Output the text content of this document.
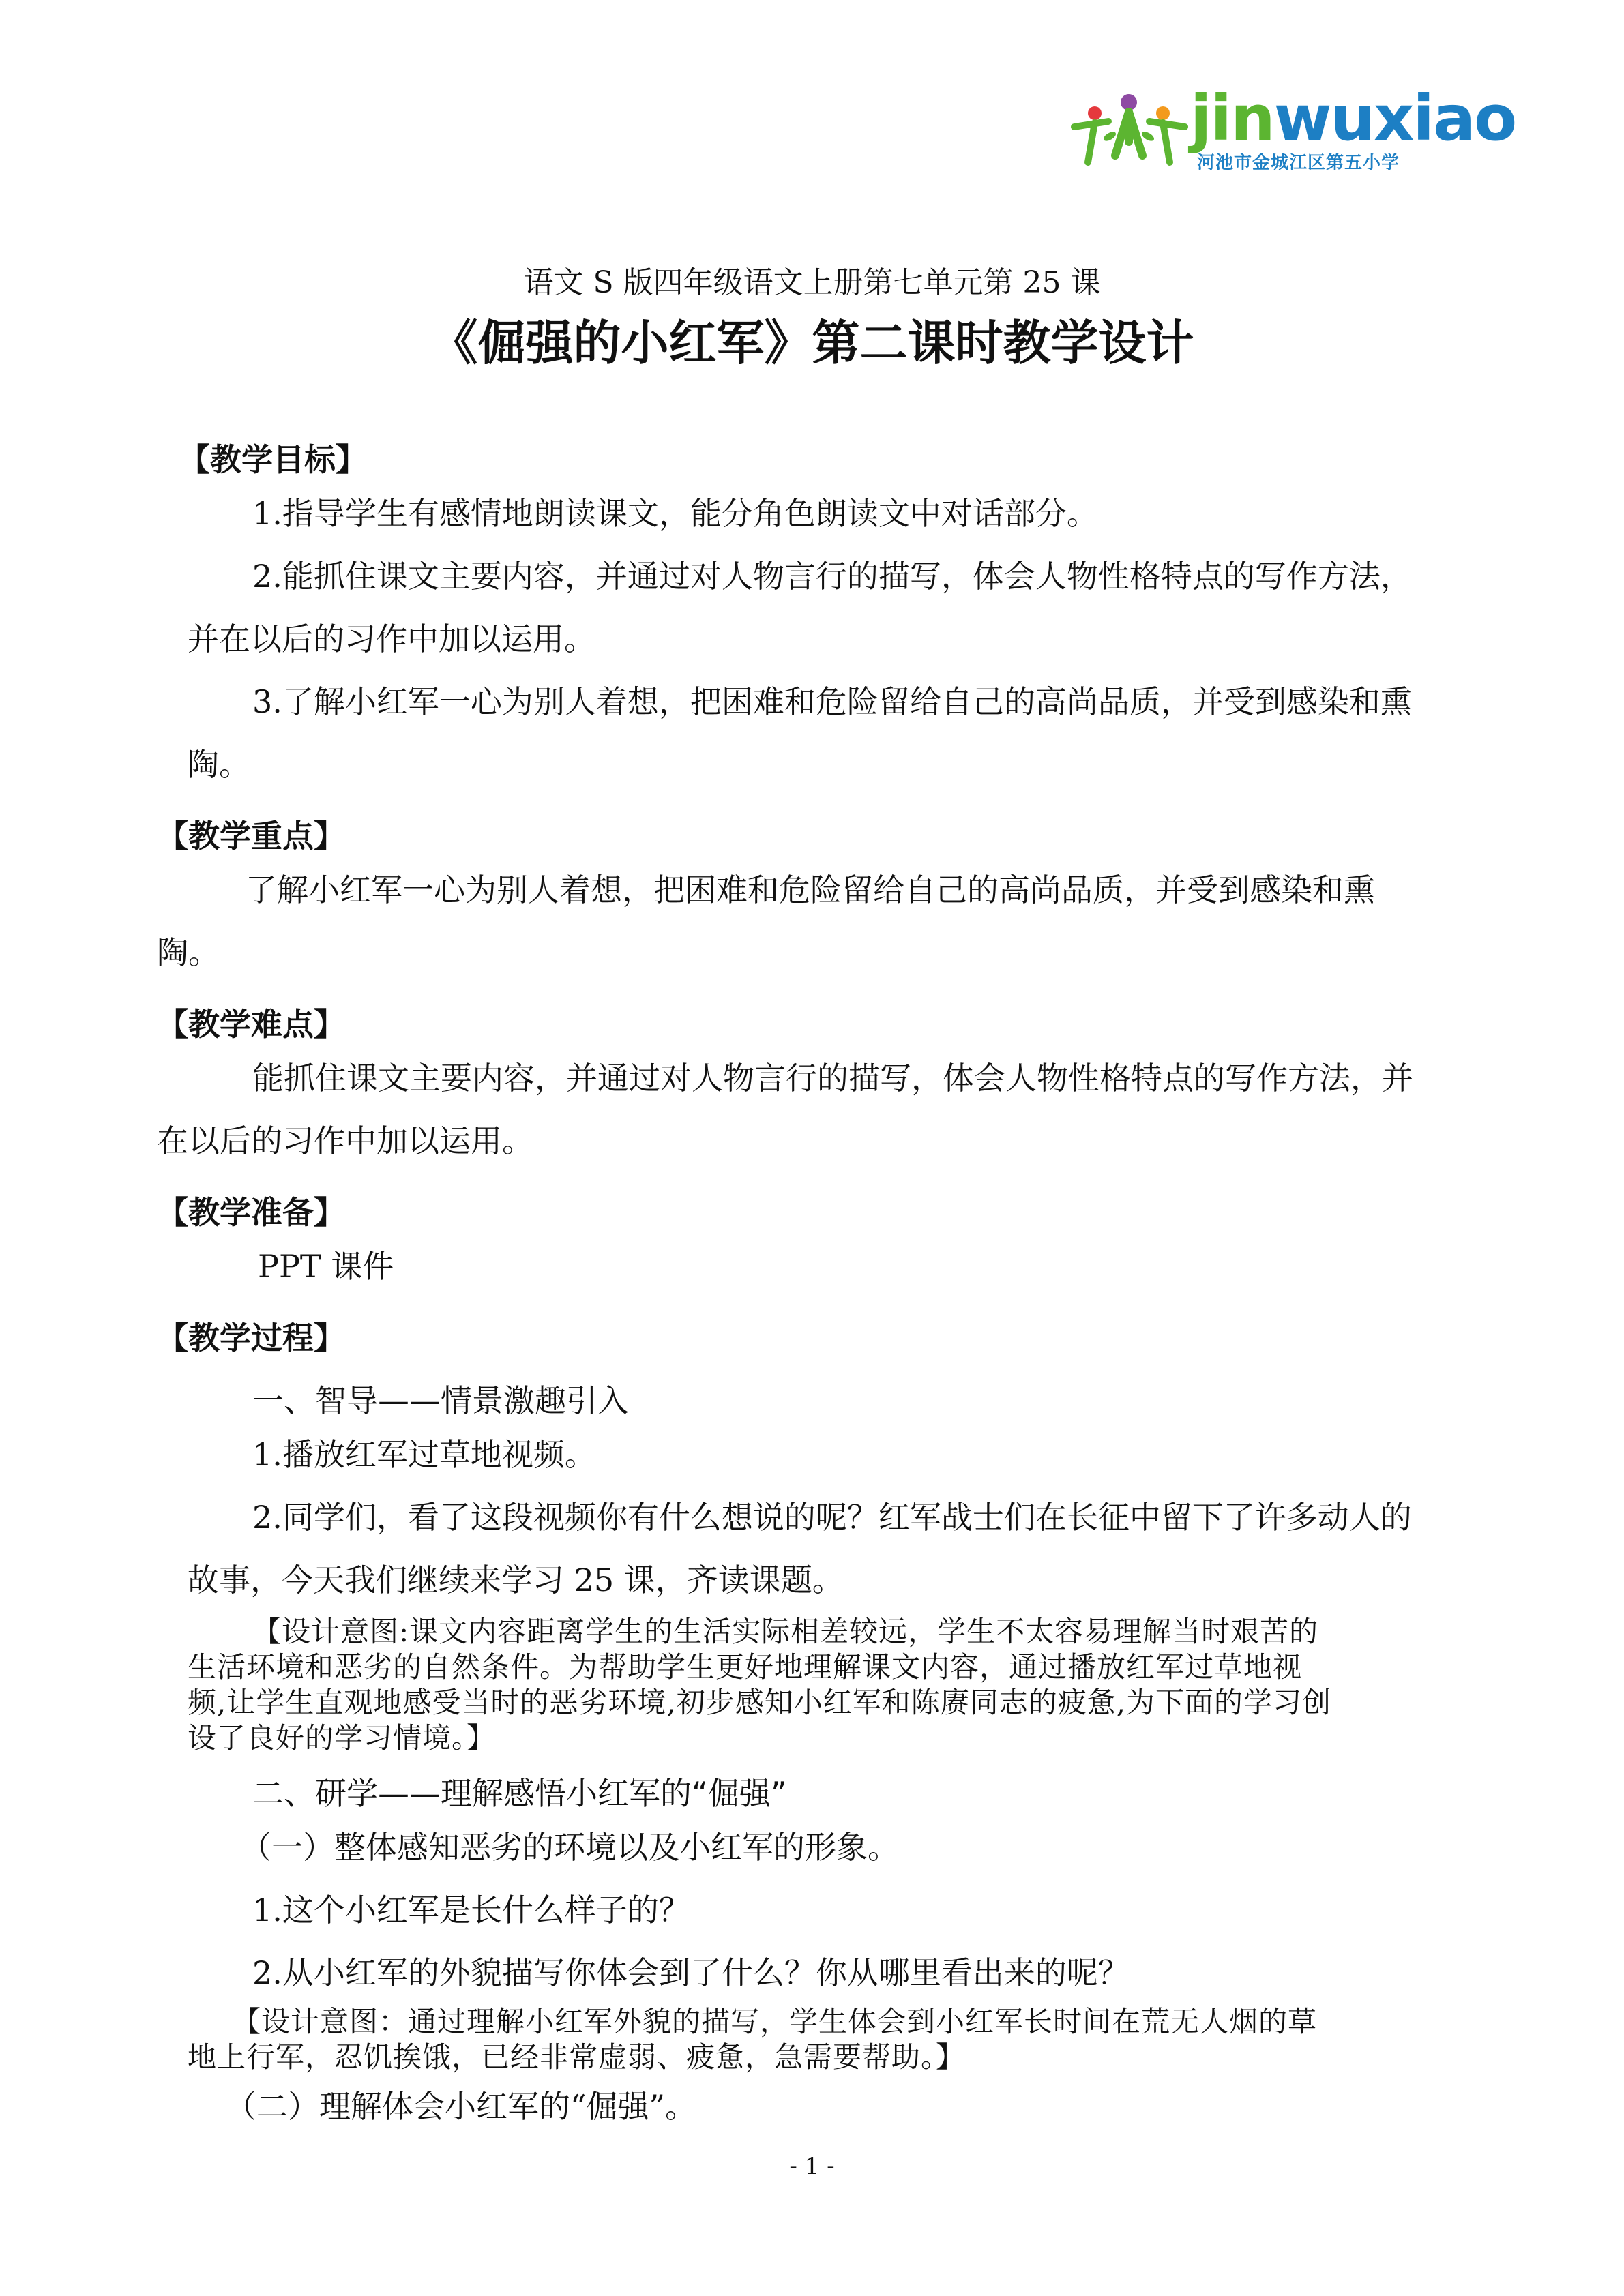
jinwuxiao
河池市金城江区第五小学
语文 S 版四年级语文上册第七单元第 25 课
《倔强的小红军》第二课时教学设计
【教学目标】
1.指导学生有感情地朗读课文，能分角色朗读文中对话部分。
2.能抓住课文主要内容，并通过对人物言行的描写，体会人物性格特点的写作方法，
并在以后的习作中加以运用。
3.了解小红军一心为别人着想，把困难和危险留给自己的高尚品质，并受到感染和熏
陶。
【教学重点】
了解小红军一心为别人着想，把困难和危险留给自己的高尚品质，并受到感染和熏
陶。
【教学难点】
能抓住课文主要内容，并通过对人物言行的描写，体会人物性格特点的写作方法，并
在以后的习作中加以运用。
【教学准备】
PPT 课件
【教学过程】
一、智导——情景激趣引入
1.播放红军过草地视频。
2.同学们，看了这段视频你有什么想说的呢？红军战士们在长征中留下了许多动人的
故事，今天我们继续来学习 25 课，齐读课题。
【设计意图:课文内容距离学生的生活实际相差较远，学生不太容易理解当时艰苦的
生活环境和恶劣的自然条件。为帮助学生更好地理解课文内容，通过播放红军过草地视
频,让学生直观地感受当时的恶劣环境,初步感知小红军和陈赓同志的疲惫,为下面的学习创
设了良好的学习情境。】
二、研学——理解感悟小红军的“倔强”
（一）整体感知恶劣的环境以及小红军的形象。
1.这个小红军是长什么样子的？
2.从小红军的外貌描写你体会到了什么？你从哪里看出来的呢？
【设计意图：通过理解小红军外貌的描写，学生体会到小红军长时间在荒无人烟的草
地上行军，忍饥挨饿，已经非常虚弱、疲惫，急需要帮助。】
（二）理解体会小红军的“倔强”。
- 1 -
